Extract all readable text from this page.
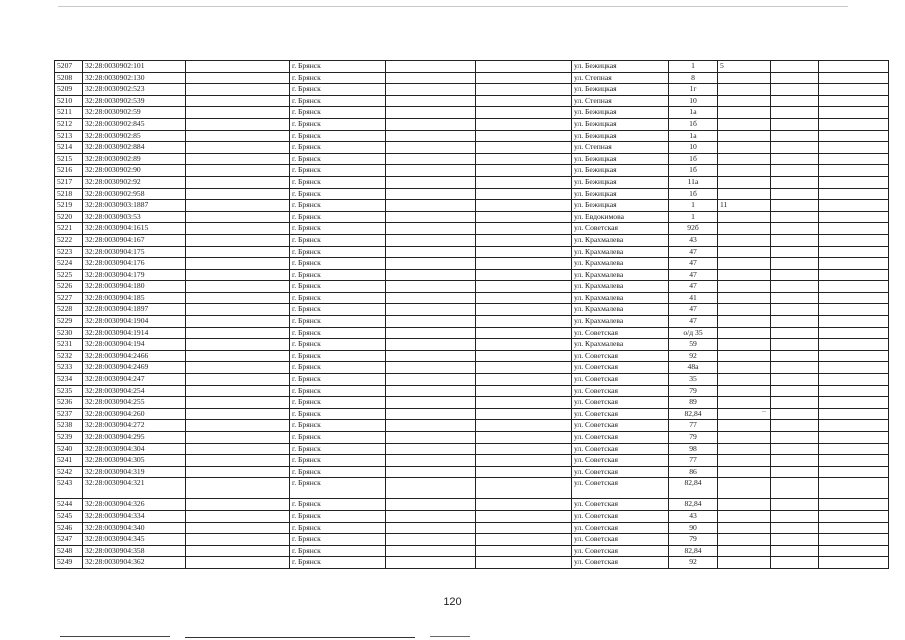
5207	32:28:0030902:101		г. Брянск			ул. Бежицкая	1	5		
5208	32:28:0030902:130		г. Брянск			ул. Степная	8			
5209	32:28:0030902:523		г. Брянск			ул. Бежицкая	1г			
5210	32:28:0030902:539		г. Брянск			ул. Степная	10			
5211	32:28:0030902:59		г. Брянск			ул. Бежицкая	1а			
5212	32:28:0030902:845		г. Брянск			ул. Бежицкая	1б			
5213	32:28:0030902:85		г. Брянск			ул. Бежицкая	1а			
5214	32:28:0030902:884		г. Брянск			ул. Степная	10			
5215	32:28:0030902:89		г. Брянск			ул. Бежицкая	1б			
5216	32:28:0030902:90		г. Брянск			ул. Бежицкая	1б			
5217	32:28:0030902:92		г. Брянск			ул. Бежицкая	11а			
5218	32:28:0030902:958		г. Брянск			ул. Бежицкая	1б			
5219	32:28:0030903:1887		г. Брянск			ул. Бежицкая	1	11		
5220	32:28:0030903:53		г. Брянск			ул. Евдокимова	1			
5221	32:28:0030904:1615		г. Брянск			ул. Советская	92б			
5222	32:28:0030904:167		г. Брянск			ул. Крахмалева	43			
5223	32:28:0030904:175		г. Брянск			ул. Крахмалева	47			
5224	32:28:0030904:176		г. Брянск			ул. Крахмалева	47			
5225	32:28:0030904:179		г. Брянск			ул. Крахмалева	47			
5226	32:28:0030904:180		г. Брянск			ул. Крахмалева	47			
5227	32:28:0030904:185		г. Брянск			ул. Крахмалева	41			
5228	32:28:0030904:1897		г. Брянск			ул. Крахмалева	47			
5229	32:28:0030904:1904		г. Брянск			ул. Крахмалева	47			
5230	32:28:0030904:1914		г. Брянск			ул. Советская	о/д 35			
5231	32:28:0030904:194		г. Брянск			ул. Крахмалева	59			
5232	32:28:0030904:2466		г. Брянск			ул. Советская	92			
5233	32:28:0030904:2469		г. Брянск			ул. Советская	48а			
5234	32:28:0030904:247		г. Брянск			ул. Советская	35			
5235	32:28:0030904:254		г. Брянск			ул. Советская	79			
5236	32:28:0030904:255		г. Брянск			ул. Советская	89			
5237	32:28:0030904:260		г. Брянск			ул. Советская	82,84			
5238	32:28:0030904:272		г. Брянск			ул. Советская	77			
5239	32:28:0030904:295		г. Брянск			ул. Советская	79			
5240	32:28:0030904:304		г. Брянск			ул. Советская	98			
5241	32:28:0030904:305		г. Брянск			ул. Советская	77			
5242	32:28:0030904:319		г. Брянск			ул. Советская	86			
5243	32:28:0030904:321		г. Брянск			ул. Советская	82,84			
5244	32:28:0030904:326		г. Брянск			ул. Советская	82,84			
5245	32:28:0030904:334		г. Брянск			ул. Советская	43			
5246	32:28:0030904:340		г. Брянск			ул. Советская	90			
5247	32:28:0030904:345		г. Брянск			ул. Советская	79			
5248	32:28:0030904:358		г. Брянск			ул. Советская	82,84			
5249	32:28:0030904:362		г. Брянск			ул. Советская	92			
–
120
